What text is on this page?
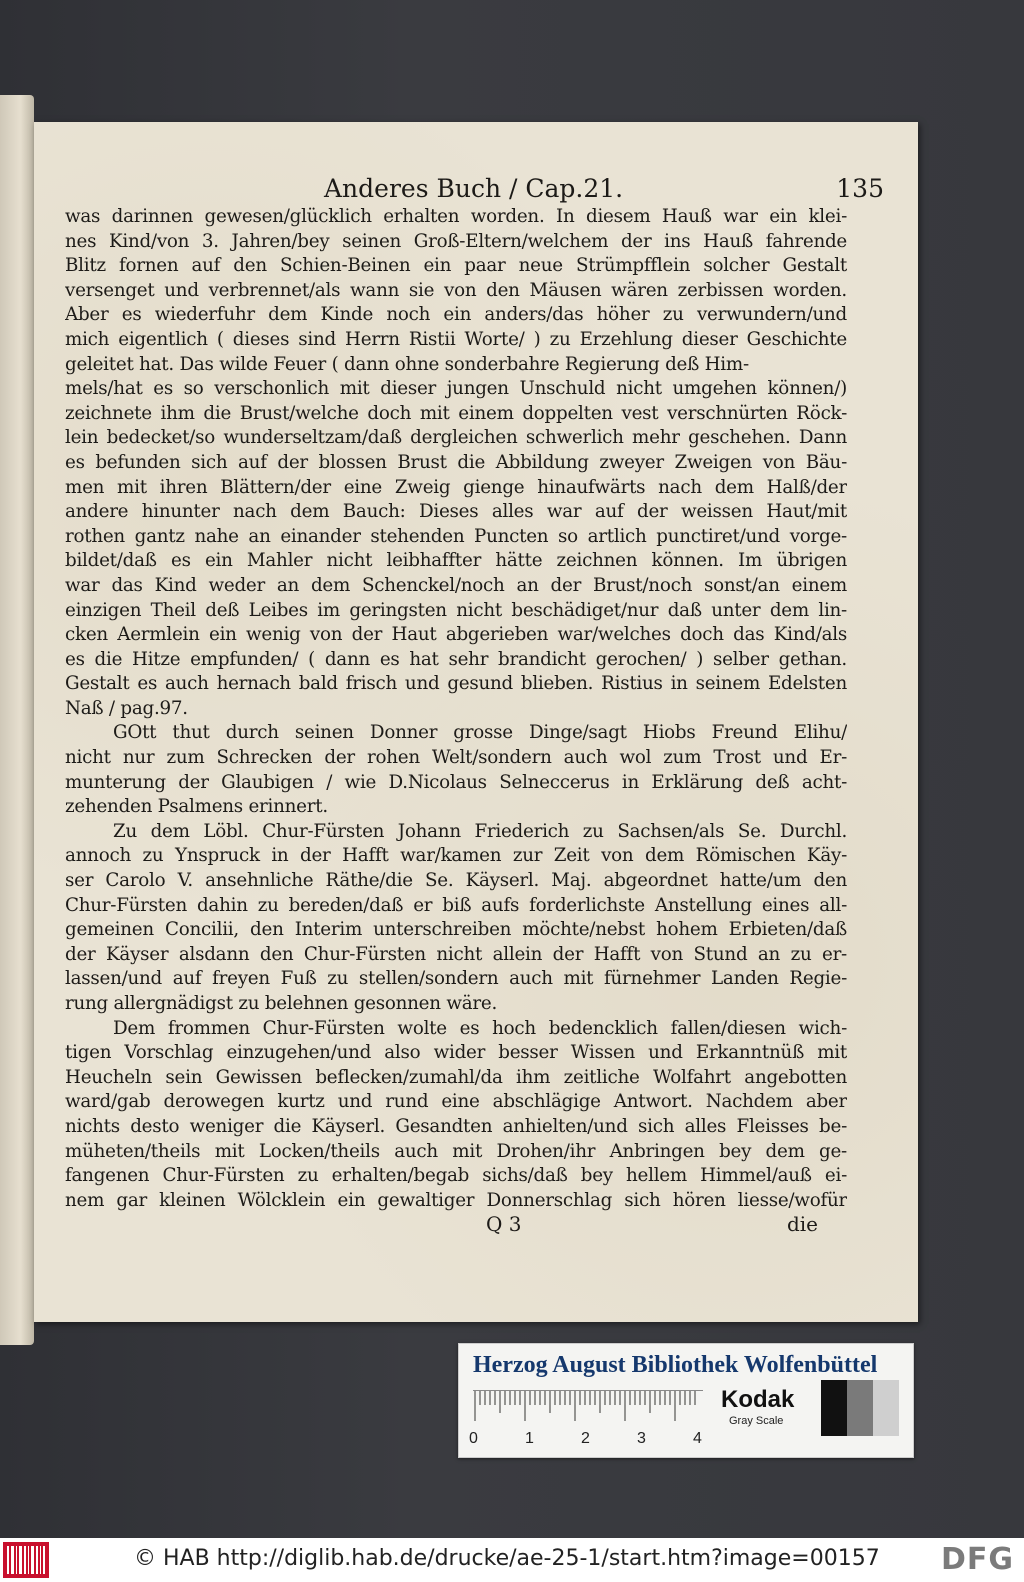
Anderes Buch / Cap.21.	135
was darinnen gewesen/glücklich erhalten worden. In diesem Hauß war ein klei-
nes Kind/von 3. Jahren/bey seinen Groß-Eltern/welchem der ins Hauß fahrende
Blitz fornen auf den Schien-Beinen ein paar neue Strümpfflein solcher Gestalt
versenget und verbrennet/als wann sie von den Mäusen wären zerbissen worden.
Aber es wiederfuhr dem Kinde noch ein anders/das höher zu verwundern/und
mich eigentlich ( dieses sind Herrn Ristii Worte/ ) zu Erzehlung dieser Geschichte
geleitet hat. Das wilde Feuer ( dann ohne sonderbahre Regierung deß Him-
mels/hat es so verschonlich mit dieser jungen Unschuld nicht umgehen können/)
zeichnete ihm die Brust/welche doch mit einem doppelten vest verschnürten Röck-
lein bedecket/so wunderseltzam/daß dergleichen schwerlich mehr geschehen. Dann
es befunden sich auf der blossen Brust die Abbildung zweyer Zweigen von Bäu-
men mit ihren Blättern/der eine Zweig gienge hinaufwärts nach dem Halß/der
andere hinunter nach dem Bauch: Dieses alles war auf der weissen Haut/mit
rothen gantz nahe an einander stehenden Puncten so artlich punctiret/und vorge-
bildet/daß es ein Mahler nicht leibhaffter hätte zeichnen können. Im übrigen
war das Kind weder an dem Schenckel/noch an der Brust/noch sonst/an einem
einzigen Theil deß Leibes im geringsten nicht beschädiget/nur daß unter dem lin-
cken Aermlein ein wenig von der Haut abgerieben war/welches doch das Kind/als
es die Hitze empfunden/ ( dann es hat sehr brandicht gerochen/ ) selber gethan.
Gestalt es auch hernach bald frisch und gesund blieben. Ristius in seinem Edelsten
Naß / pag.97.
GOtt thut durch seinen Donner grosse Dinge/sagt Hiobs Freund Elihu/
nicht nur zum Schrecken der rohen Welt/sondern auch wol zum Trost und Er-
munterung der Glaubigen / wie D.Nicolaus Selneccerus in Erklärung deß acht-
zehenden Psalmens erinnert.
Zu dem Löbl. Chur-Fürsten Johann Friederich zu Sachsen/als Se. Durchl.
annoch zu Ynspruck in der Hafft war/kamen zur Zeit von dem Römischen Käy-
ser Carolo V. ansehnliche Räthe/die Se. Käyserl. Maj. abgeordnet hatte/um den
Chur-Fürsten dahin zu bereden/daß er biß aufs forderlichste Anstellung eines all-
gemeinen Concilii, den Interim unterschreiben möchte/nebst hohem Erbieten/daß
der Käyser alsdann den Chur-Fürsten nicht allein der Hafft von Stund an zu er-
lassen/und auf freyen Fuß zu stellen/sondern auch mit fürnehmer Landen Regie-
rung allergnädigst zu belehnen gesonnen wäre.
Dem frommen Chur-Fürsten wolte es hoch bedencklich fallen/diesen wich-
tigen Vorschlag einzugehen/und also wider besser Wissen und Erkanntnüß mit
Heucheln sein Gewissen beflecken/zumahl/da ihm zeitliche Wolfahrt angebotten
ward/gab derowegen kurtz und rund eine abschlägige Antwort. Nachdem aber
nichts desto weniger die Käyserl. Gesandten anhielten/und sich alles Fleisses be-
müheten/theils mit Locken/theils auch mit Drohen/ihr Anbringen bey dem ge-
fangenen Chur-Fürsten zu erhalten/begab sichs/daß bey hellem Himmel/auß ei-
nem gar kleinen Wölcklein ein gewaltiger Donnerschlag sich hören liesse/wofür
Q 3	die
Herzog August Bibliothek Wolfenbüttel
0	1	2	3	4
Kodak
Gray Scale
© HAB http://diglib.hab.de/drucke/ae-25-1/start.htm?image=00157 DFG
